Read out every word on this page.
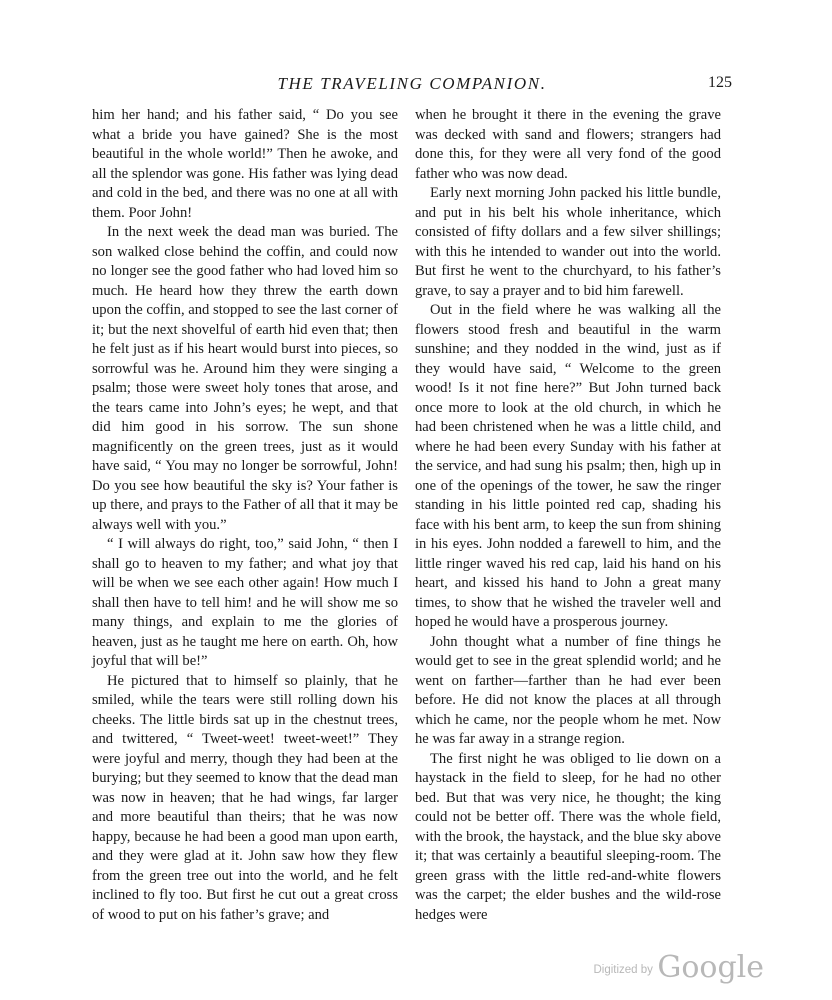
THE TRAVELING COMPANION.	125

him her hand; and his father said, “ Do you see what a bride you have gained? She is the most beautiful in the whole world!” Then he awoke, and all the splendor was gone. His father was lying dead and cold in the bed, and there was no one at all with them. Poor John!

In the next week the dead man was buried. The son walked close behind the coffin, and could now no longer see the good father who had loved him so much. He heard how they threw the earth down upon the coffin, and stopped to see the last corner of it; but the next shovelful of earth hid even that; then he felt just as if his heart would burst into pieces, so sorrowful was he. Around him they were singing a psalm; those were sweet holy tones that arose, and the tears came into John’s eyes; he wept, and that did him good in his sorrow. The sun shone magnificently on the green trees, just as it would have said, “ You may no longer be sorrowful, John! Do you see how beautiful the sky is? Your father is up there, and prays to the Father of all that it may be always well with you.”

“ I will always do right, too,” said John, “ then I shall go to heaven to my father; and what joy that will be when we see each other again! How much I shall then have to tell him! and he will show me so many things, and explain to me the glories of heaven, just as he taught me here on earth. Oh, how joyful that will be!”

He pictured that to himself so plainly, that he smiled, while the tears were still rolling down his cheeks. The little birds sat up in the chestnut trees, and twittered, “ Tweet-weet! tweet-weet!” They were joyful and merry, though they had been at the burying; but they seemed to know that the dead man was now in heaven; that he had wings, far larger and more beautiful than theirs; that he was now happy, because he had been a good man upon earth, and they were glad at it. John saw how they flew from the green tree out into the world, and he felt inclined to fly too. But first he cut out a great cross of wood to put on his father’s grave; and

when he brought it there in the evening the grave was decked with sand and flowers; strangers had done this, for they were all very fond of the good father who was now dead.

Early next morning John packed his little bundle, and put in his belt his whole inheritance, which consisted of fifty dollars and a few silver shillings; with this he intended to wander out into the world. But first he went to the churchyard, to his father’s grave, to say a prayer and to bid him farewell.

Out in the field where he was walking all the flowers stood fresh and beautiful in the warm sunshine; and they nodded in the wind, just as if they would have said, “ Welcome to the green wood! Is it not fine here?” But John turned back once more to look at the old church, in which he had been christened when he was a little child, and where he had been every Sunday with his father at the service, and had sung his psalm; then, high up in one of the openings of the tower, he saw the ringer standing in his little pointed red cap, shading his face with his bent arm, to keep the sun from shining in his eyes. John nodded a farewell to him, and the little ringer waved his red cap, laid his hand on his heart, and kissed his hand to John a great many times, to show that he wished the traveler well and hoped he would have a prosperous journey.

John thought what a number of fine things he would get to see in the great splendid world; and he went on farther—farther than he had ever been before. He did not know the places at all through which he came, nor the people whom he met. Now he was far away in a strange region.

The first night he was obliged to lie down on a haystack in the field to sleep, for he had no other bed. But that was very nice, he thought; the king could not be better off. There was the whole field, with the brook, the haystack, and the blue sky above it; that was certainly a beautiful sleeping-room. The green grass with the little red-and-white flowers was the carpet; the elder bushes and the wild-rose hedges were

$^{Digitized by}$ Google
